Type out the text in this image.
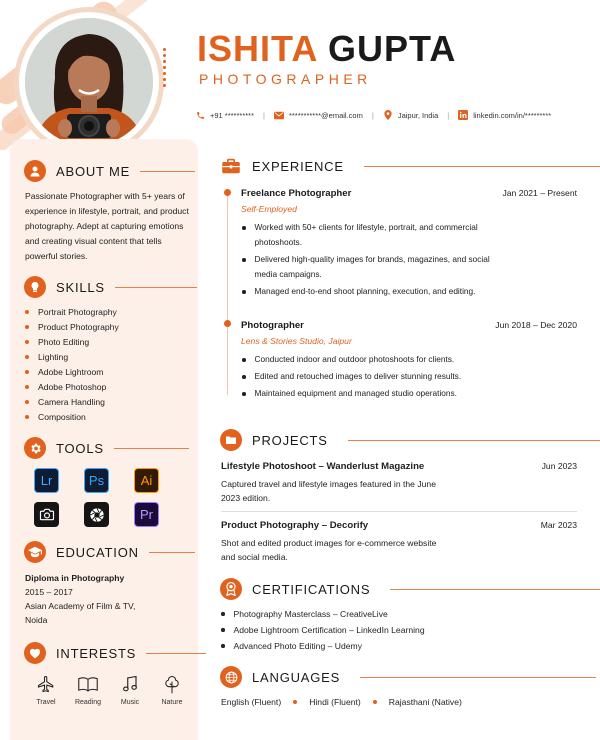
ISHITA GUPTA
PHOTOGRAPHER
+91 ********** |	***********@email.com |	Jaipur, India |	linkedin.com/in/*********
ABOUT ME

Passionate Photographer with 5+ years of experience in lifestyle, portrait, and product photography. Adept at capturing emotions and creating visual content that tells powerful stories.

SKILLS
Portrait Photography
Product Photography
Photo Editing
Lighting
Adobe Lightroom
Adobe Photoshop
Camera Handling
Composition
TOOLS
Lr	Ps	Ai
Pr
EDUCATION
Diploma in Photography
2015 – 2017
Asian Academy of Film & TV,
Noida
INTERESTS
Travel	Reading	Music	Nature
EXPERIENCE
Freelance Photographer	Jan 2021 – Present
Self-Employed
Worked with 50+ clients for lifestyle, portrait, and commercial photoshoots.
Delivered high-quality images for brands, magazines, and social media campaigns.
Managed end-to-end shoot planning, execution, and editing.
Photographer	Jun 2018 – Dec 2020
Lens & Stories Studio, Jaipur
Conducted indoor and outdoor photoshoots for clients.
Edited and retouched images to deliver stunning results.
Maintained equipment and managed studio operations.
PROJECTS
Lifestyle Photoshoot – Wanderlust Magazine	Jun 2023
Captured travel and lifestyle images featured in the June 2023 edition.
Product Photography – Decorify	Mar 2023
Shot and edited product images for e-commerce website and social media.
CERTIFICATIONS
Photography Masterclass – CreativeLive
Adobe Lightroom Certification – LinkedIn Learning
Advanced Photo Editing – Udemy
LANGUAGES
English (Fluent)	Hindi (Fluent)	Rajasthani (Native)
